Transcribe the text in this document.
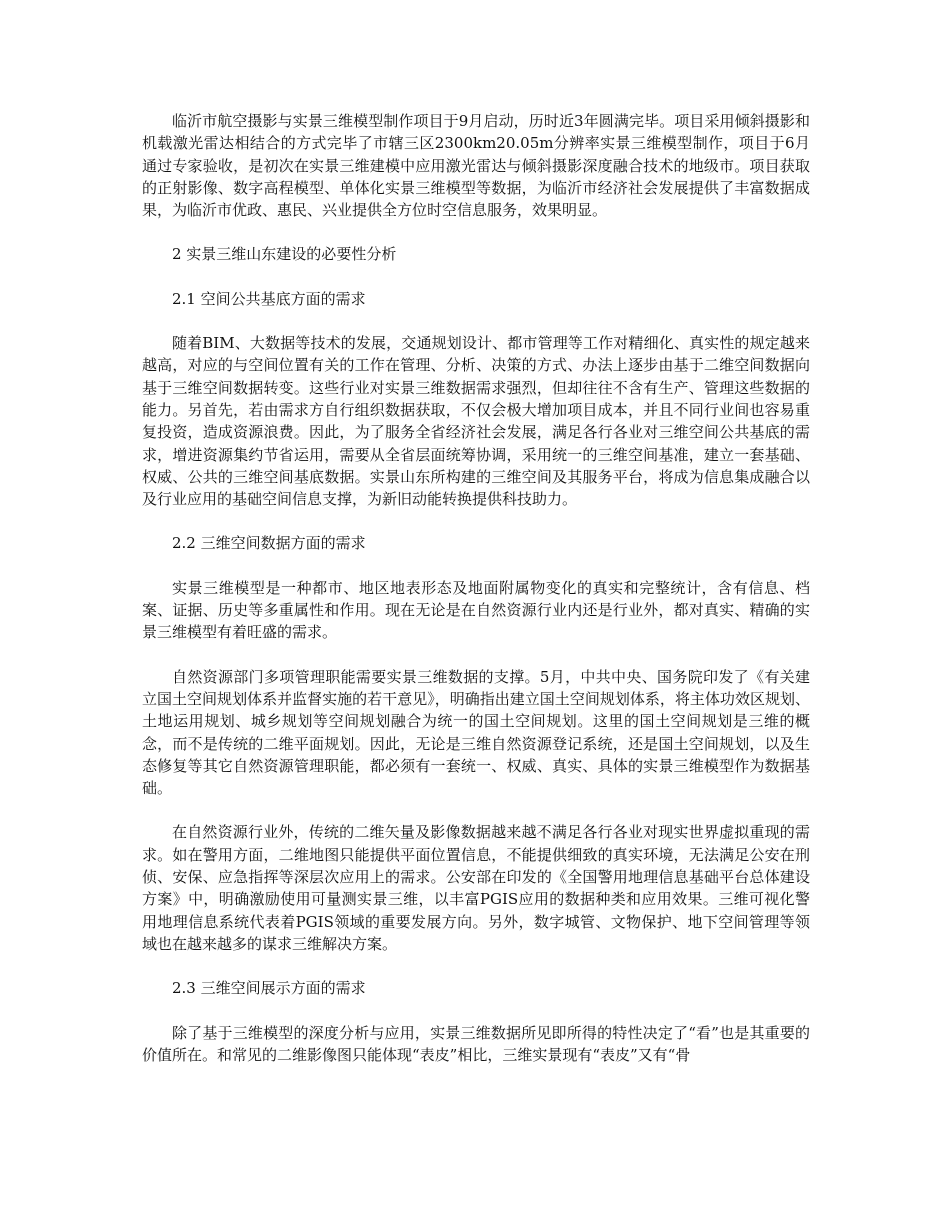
临沂市航空摄影与实景三维模型制作项目于9月启动，历时近3年圆满完毕。项目采用倾斜摄影和机载激光雷达相结合的方式完毕了市辖三区2300km20.05m分辨率实景三维模型制作，项目于6月通过专家验收，是初次在实景三维建模中应用激光雷达与倾斜摄影深度融合技术的地级市。项目获取的正射影像、数字高程模型、单体化实景三维模型等数据，为临沂市经济社会发展提供了丰富数据成果，为临沂市优政、惠民、兴业提供全方位时空信息服务，效果明显。

2 实景三维山东建设的必要性分析

2.1 空间公共基底方面的需求

随着BIM、大数据等技术的发展，交通规划设计、都市管理等工作对精细化、真实性的规定越来越高，对应的与空间位置有关的工作在管理、分析、决策的方式、办法上逐步由基于二维空间数据向基于三维空间数据转变。这些行业对实景三维数据需求强烈，但却往往不含有生产、管理这些数据的能力。另首先，若由需求方自行组织数据获取，不仅会极大增加项目成本，并且不同行业间也容易重复投资，造成资源浪费。因此，为了服务全省经济社会发展，满足各行各业对三维空间公共基底的需求，增进资源集约节省运用，需要从全省层面统筹协调，采用统一的三维空间基准，建立一套基础、权威、公共的三维空间基底数据。实景山东所构建的三维空间及其服务平台，将成为信息集成融合以及行业应用的基础空间信息支撑，为新旧动能转换提供科技助力。

2.2 三维空间数据方面的需求

实景三维模型是一种都市、地区地表形态及地面附属物变化的真实和完整统计，含有信息、档案、证据、历史等多重属性和作用。现在无论是在自然资源行业内还是行业外，都对真实、精确的实景三维模型有着旺盛的需求。

自然资源部门多项管理职能需要实景三维数据的支撑。5月，中共中央、国务院印发了《有关建立国土空间规划体系并监督实施的若干意见》，明确指出建立国土空间规划体系，将主体功效区规划、土地运用规划、城乡规划等空间规划融合为统一的国土空间规划。这里的国土空间规划是三维的概念，而不是传统的二维平面规划。因此，无论是三维自然资源登记系统，还是国土空间规划，以及生态修复等其它自然资源管理职能，都必须有一套统一、权威、真实、具体的实景三维模型作为数据基础。

在自然资源行业外，传统的二维矢量及影像数据越来越不满足各行各业对现实世界虚拟重现的需求。如在警用方面，二维地图只能提供平面位置信息，不能提供细致的真实环境，无法满足公安在刑侦、安保、应急指挥等深层次应用上的需求。公安部在印发的《全国警用地理信息基础平台总体建设方案》中，明确激励使用可量测实景三维，以丰富PGIS应用的数据种类和应用效果。三维可视化警用地理信息系统代表着PGIS领域的重要发展方向。另外，数字城管、文物保护、地下空间管理等领域也在越来越多的谋求三维解决方案。

2.3 三维空间展示方面的需求

除了基于三维模型的深度分析与应用，实景三维数据所见即所得的特性决定了“看”也是其重要的价值所在。和常见的二维影像图只能体现“表皮”相比，三维实景现有“表皮”又有“骨
